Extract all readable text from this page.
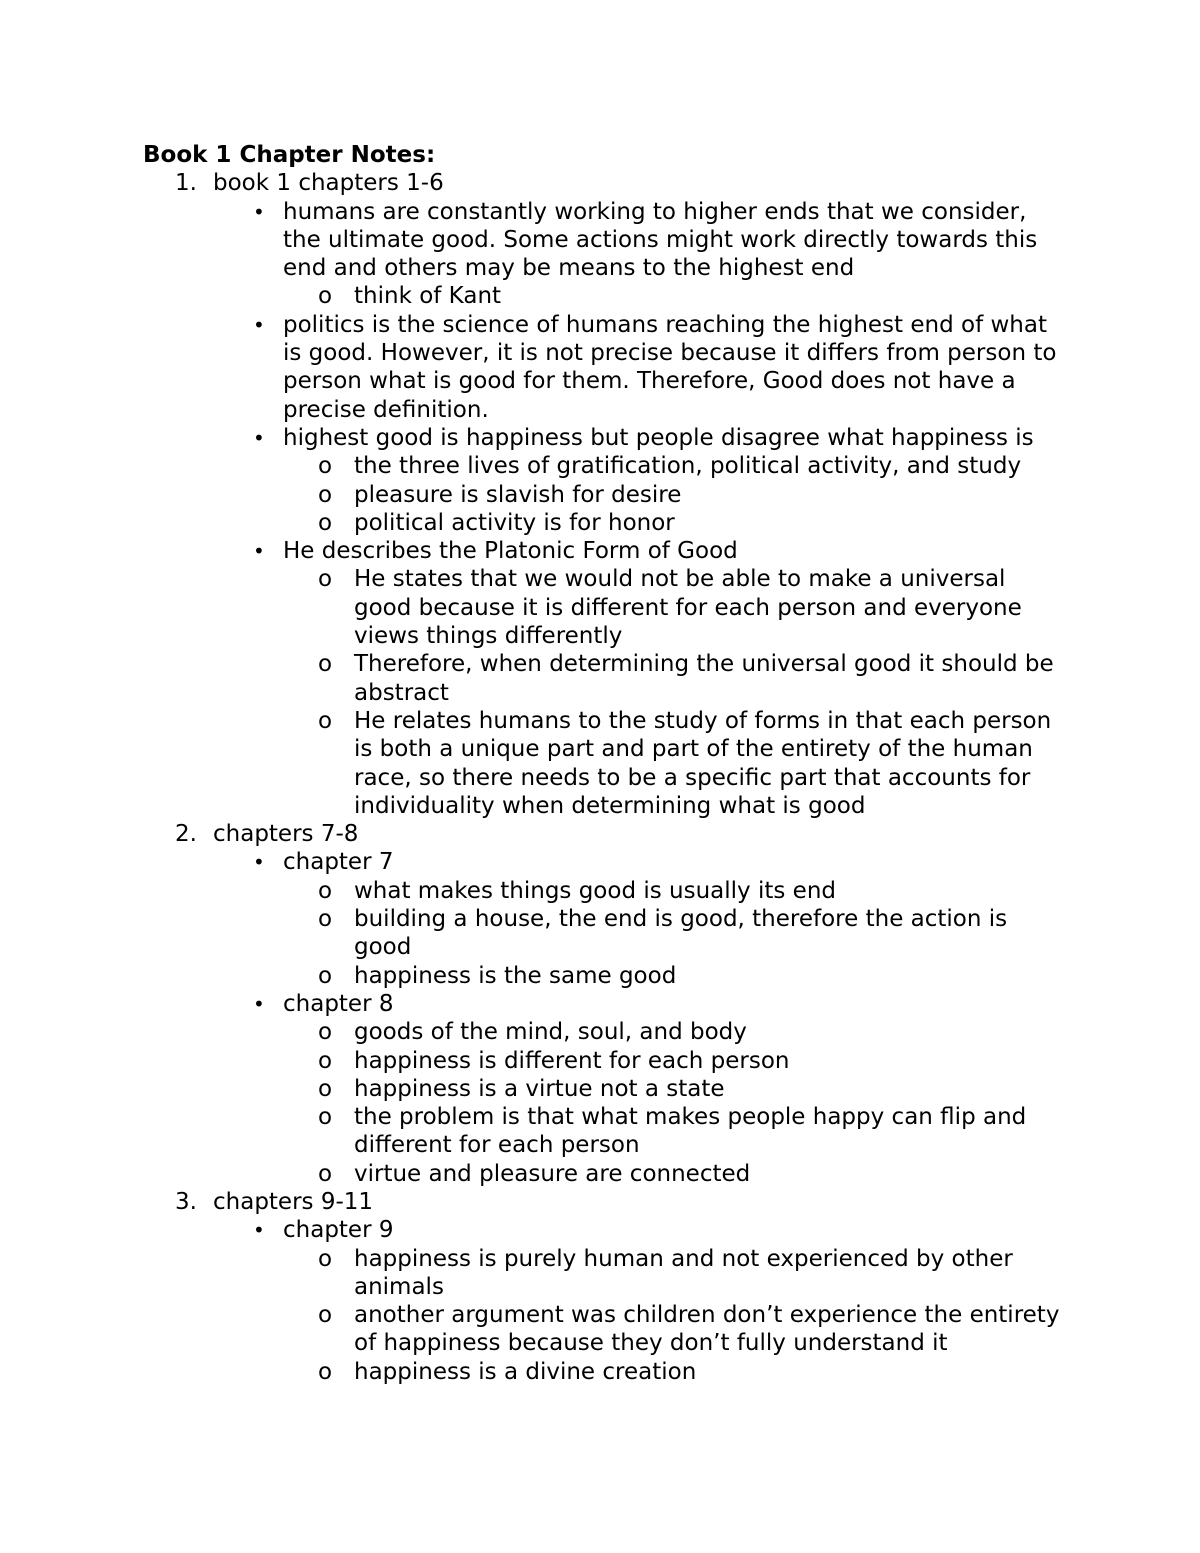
Book 1 Chapter Notes:
1. book 1 chapters 1-6
• humans are constantly working to higher ends that we consider, the ultimate good. Some actions might work directly towards this end and others may be means to the highest end
o think of Kant
• politics is the science of humans reaching the highest end of what is good. However, it is not precise because it differs from person to person what is good for them. Therefore, Good does not have a precise definition.
• highest good is happiness but people disagree what happiness is
o the three lives of gratification, political activity, and study
o pleasure is slavish for desire
o political activity is for honor
• He describes the Platonic Form of Good
o He states that we would not be able to make a universal good because it is different for each person and everyone views things differently
o Therefore, when determining the universal good it should be abstract
o He relates humans to the study of forms in that each person is both a unique part and part of the entirety of the human race, so there needs to be a specific part that accounts for individuality when determining what is good
2. chapters 7-8
• chapter 7
o what makes things good is usually its end
o building a house, the end is good, therefore the action is good
o happiness is the same good
• chapter 8
o goods of the mind, soul, and body
o happiness is different for each person
o happiness is a virtue not a state
o the problem is that what makes people happy can flip and different for each person
o virtue and pleasure are connected
3. chapters 9-11
• chapter 9
o happiness is purely human and not experienced by other animals
o another argument was children don’t experience the entirety of happiness because they don’t fully understand it
o happiness is a divine creation
